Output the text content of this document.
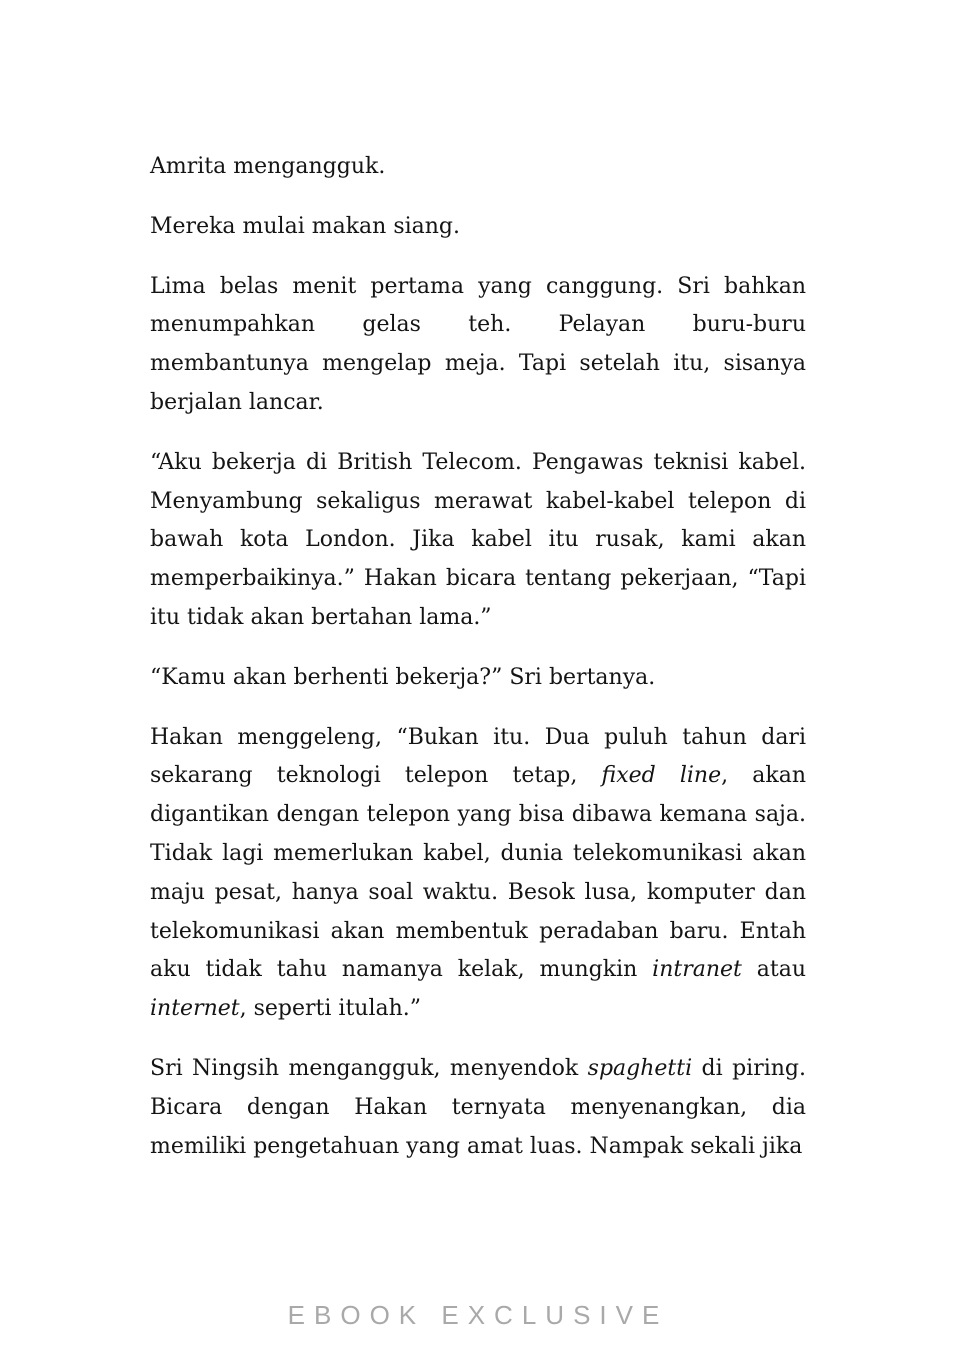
Amrita mengangguk.

Mereka mulai makan siang.

Lima belas menit pertama yang canggung. Sri bahkan menumpahkan gelas teh. Pelayan buru-buru membantunya mengelap meja. Tapi setelah itu, sisanya berjalan lancar.

“Aku bekerja di British Telecom. Pengawas teknisi kabel. Menyambung sekaligus merawat kabel-kabel telepon di bawah kota London. Jika kabel itu rusak, kami akan memperbaikinya.” Hakan bicara tentang pekerjaan, “Tapi itu tidak akan bertahan lama.”

“Kamu akan berhenti bekerja?” Sri bertanya.

Hakan menggeleng, “Bukan itu. Dua puluh tahun dari sekarang teknologi telepon tetap, fixed line, akan digantikan dengan telepon yang bisa dibawa kemana saja. Tidak lagi memerlukan kabel, dunia telekomunikasi akan maju pesat, hanya soal waktu. Besok lusa, komputer dan telekomunikasi akan membentuk peradaban baru. Entah aku tidak tahu namanya kelak, mungkin intranet atau internet, seperti itulah.”

Sri Ningsih mengangguk, menyendok spaghetti di piring. Bicara dengan Hakan ternyata menyenangkan, dia memiliki pengetahuan yang amat luas. Nampak sekali jika

EBOOK EXCLUSIVE
